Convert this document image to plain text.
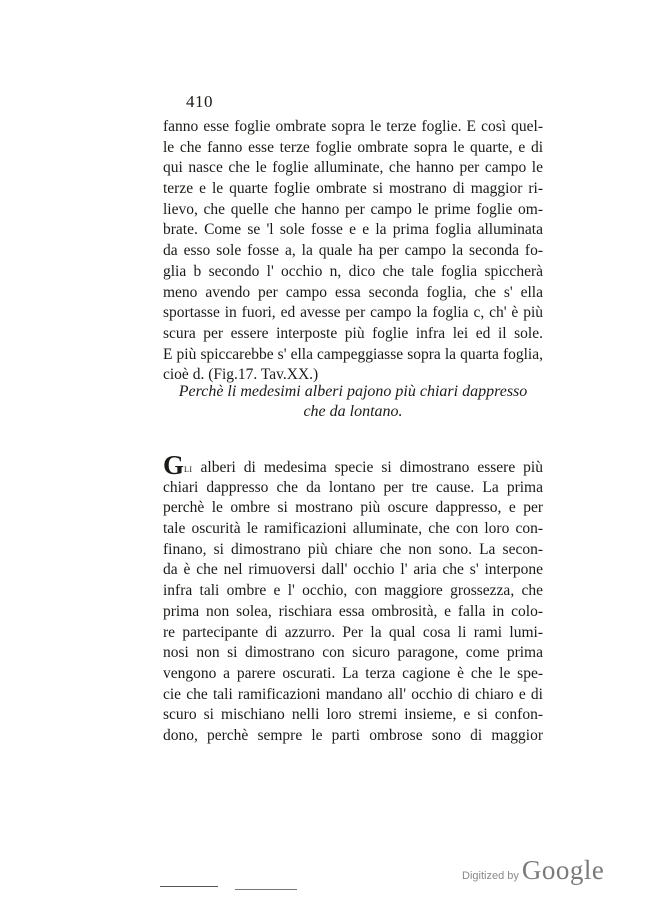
410
fanno esse foglie ombrate sopra le terze foglie. E così quel-
le che fanno esse terze foglie ombrate sopra le quarte, e di
qui nasce che le foglie alluminate, che hanno per campo le
terze e le quarte foglie ombrate si mostrano di maggior ri-
lievo, che quelle che hanno per campo le prime foglie om-
brate. Come se 'l sole fosse e e la prima foglia alluminata
da esso sole fosse a, la quale ha per campo la seconda fo-
glia b secondo l' occhio n, dico che tale foglia spiccherà
meno avendo per campo essa seconda foglia, che s' ella
sportasse in fuori, ed avesse per campo la foglia c, ch' è più
scura per essere interposte più foglie infra lei ed il sole.
E più spiccarebbe s' ella campeggiasse sopra la quarta foglia,
cioè d. (Fig.17. Tav.XX.)
Perchè li medesimi alberi pajono più chiari dappresso
che da lontano.
Gli alberi di medesima specie si dimostrano essere più
chiari dappresso che da lontano per tre cause. La prima
perchè le ombre si mostrano più oscure dappresso, e per
tale oscurità le ramificazioni alluminate, che con loro con-
finano, si dimostrano più chiare che non sono. La secon-
da è che nel rimuoversi dall' occhio l' aria che s' interpone
infra tali ombre e l' occhio, con maggiore grossezza, che
prima non solea, rischiara essa ombrosità, e falla in colo-
re partecipante di azzurro. Per la qual cosa li rami lumi-
nosi non si dimostrano con sicuro paragone, come prima
vengono a parere oscurati. La terza cagione è che le spe-
cie che tali ramificazioni mandano all' occhio di chiaro e di
scuro si mischiano nelli loro stremi insieme, e si confon-
dono, perchè sempre le parti ombrose sono di maggior
Digitized by Google
